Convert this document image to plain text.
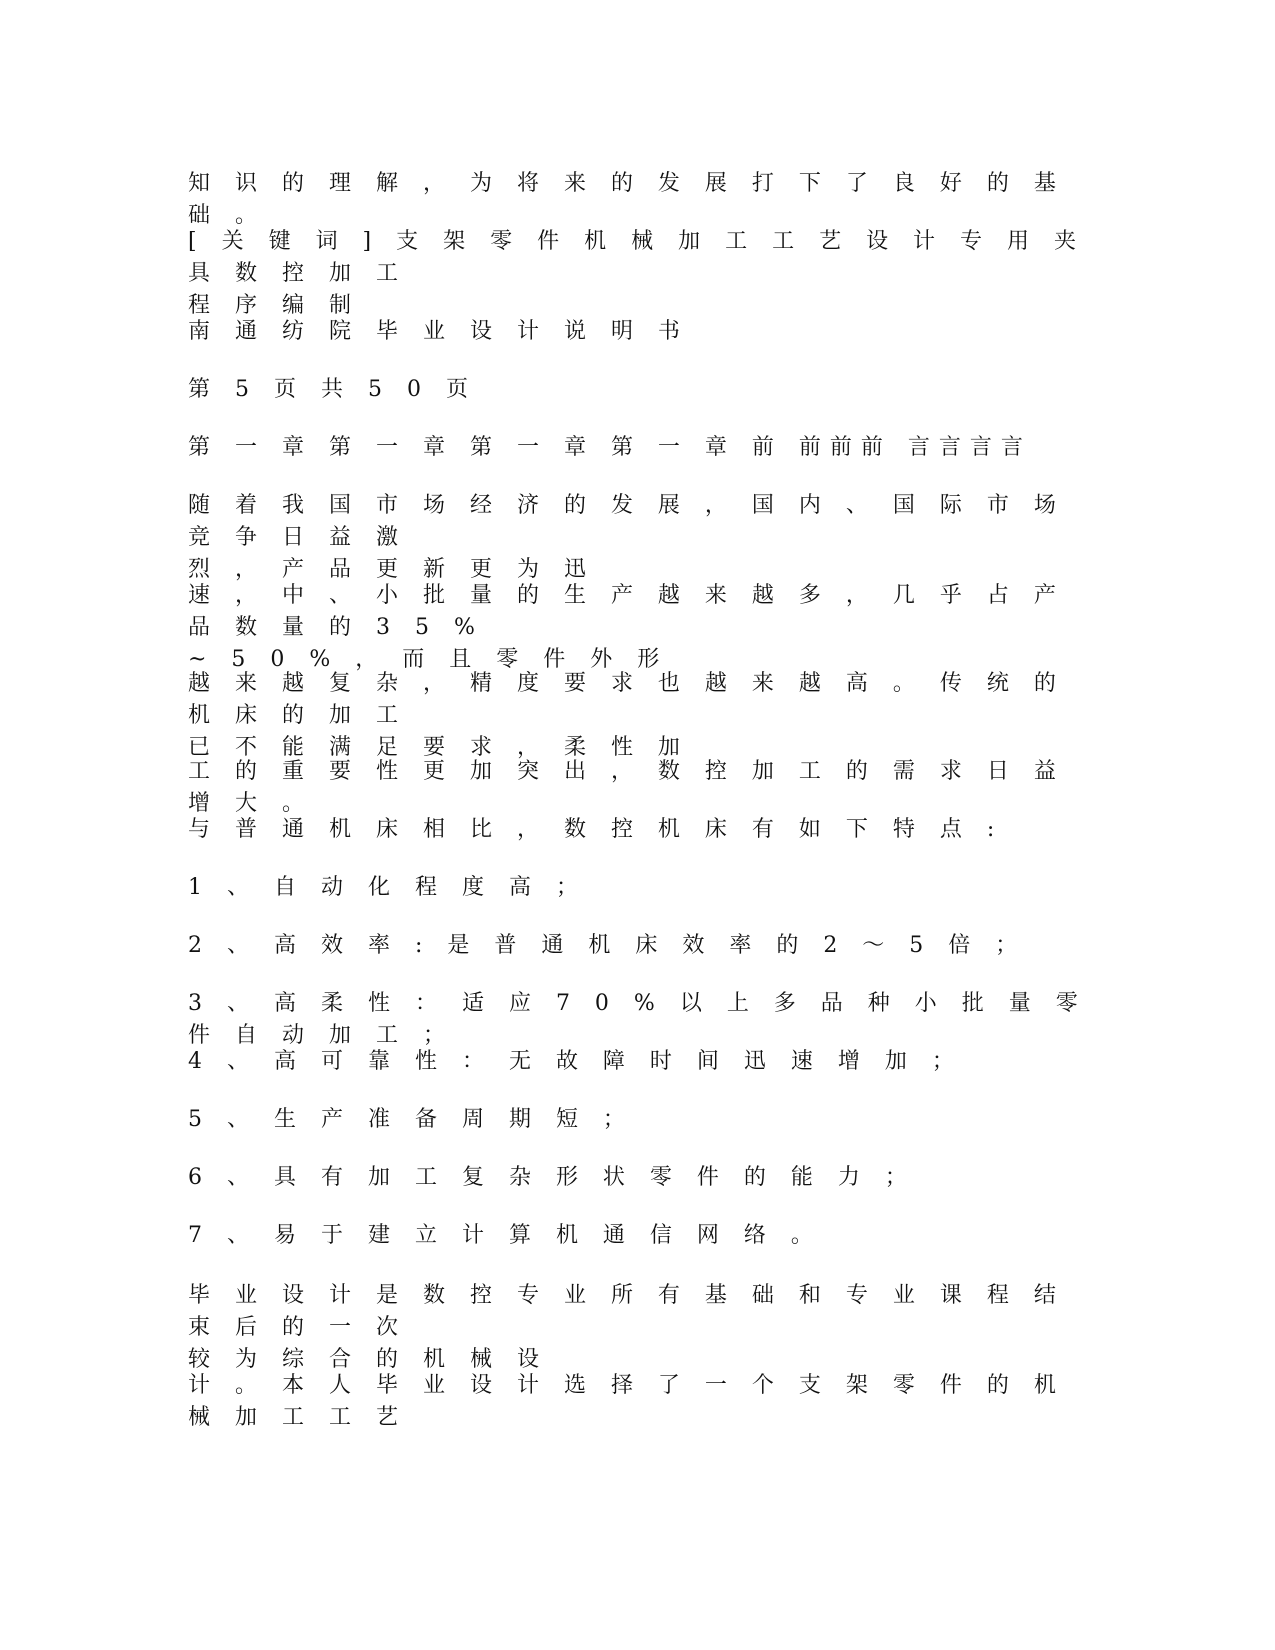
知 识 的 理 解 ， 为 将 来 的 发 展 打 下 了 良 好 的 基 础 。

[ 关 键 词 ] 支 架 零 件 机 械 加 工 工 艺 设 计 专 用 夹 具 数 控 加 工
程 序 编 制

南 通 纺 院 毕 业 设 计 说 明 书

第 5 页 共 5 0 页

第 一 章 第 一 章 第 一 章 第 一 章 前 前前前 言言言言

随 着 我 国 市 场 经 济 的 发 展 ， 国 内 、 国 际 市 场 竞 争 日 益 激
烈 ， 产 品 更 新 更 为 迅

速 ， 中 、 小 批 量 的 生 产 越 来 越 多 ， 几 乎 占 产 品 数 量 的 3 5 %
~ 5 0 % ， 而 且 零 件 外 形

越 来 越 复 杂 ， 精 度 要 求 也 越 来 越 高 。 传 统 的 机 床 的 加 工
已 不 能 满 足 要 求 ， 柔 性 加

工 的 重 要 性 更 加 突 出 ， 数 控 加 工 的 需 求 日 益 增 大 。

与 普 通 机 床 相 比 ， 数 控 机 床 有 如 下 特 点 :

1 、 自 动 化 程 度 高 ；

2 、 高 效 率 : 是 普 通 机 床 效 率 的 2 ～ 5 倍 ；

3 、 高 柔 性 ： 适 应 7 0 % 以 上 多 品 种 小 批 量 零 件 自 动 加 工 ；

4 、 高 可 靠 性 ： 无 故 障 时 间 迅 速 增 加 ；

5 、 生 产 准 备 周 期 短 ；

6 、 具 有 加 工 复 杂 形 状 零 件 的 能 力 ；

7 、 易 于 建 立 计 算 机 通 信 网 络 。

毕 业 设 计 是 数 控 专 业 所 有 基 础 和 专 业 课 程 结 束 后 的 一 次
较 为 综 合 的 机 械 设

计 。 本 人 毕 业 设 计 选 择 了 一 个 支 架 零 件 的 机 械 加 工 工 艺
